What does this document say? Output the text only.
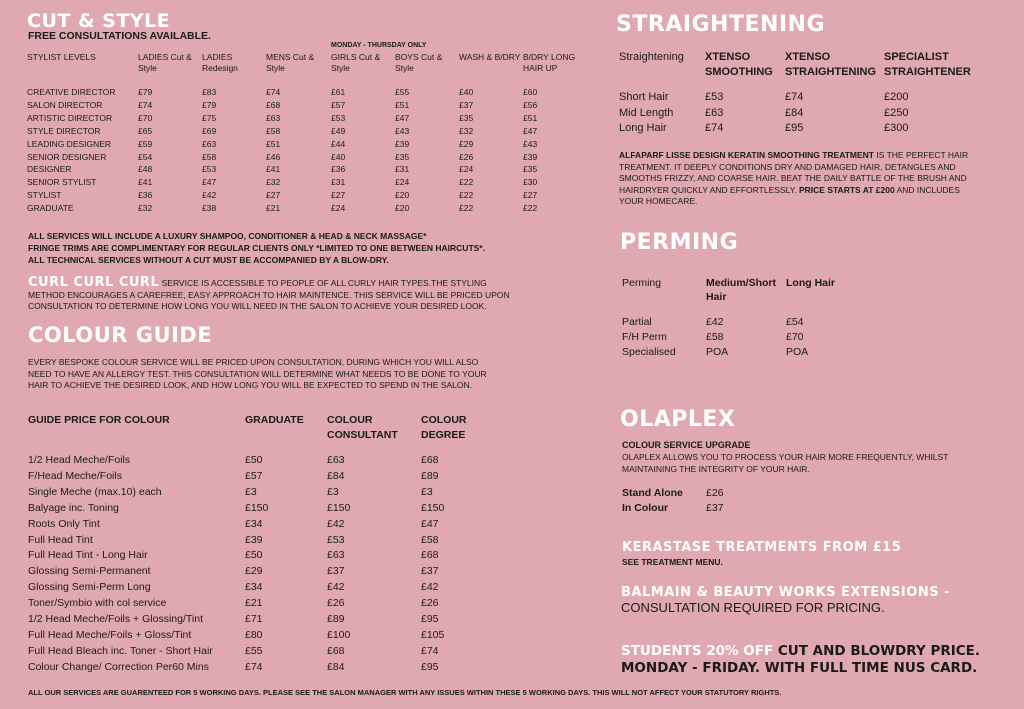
CUT & STYLE
FREE CONSULTATIONS AVAILABLE.
MONDAY - THURSDAY ONLY
STYLIST LEVELS	LADIES Cut & Style	LADIES Redesign	MENS Cut & Style	GIRLS Cut & Style	BOYS Cut & Style	WASH & B/DRY	B/DRY LONG HAIR UP
CREATIVE DIRECTOR	£79	£83	£74	£61	£55	£40	£60
SALON DIRECTOR	£74	£79	£68	£57	£51	£37	£56
ARTISTIC DIRECTOR	£70	£75	£63	£53	£47	£35	£51
STYLE DIRECTOR	£65	£69	£58	£49	£43	£32	£47
LEADING DESIGNER	£59	£63	£51	£44	£39	£29	£43
SENIOR DESIGNER	£54	£58	£46	£40	£35	£26	£39
DESIGNER	£48	£53	£41	£36	£31	£24	£35
SENIOR STYLIST	£41	£47	£32	£31	£24	£22	£30
STYLIST	£36	£42	£27	£27	£20	£22	£27
GRADUATE	£32	£38	£21	£24	£20	£22	£22
ALL SERVICES WILL INCLUDE A LUXURY SHAMPOO, CONDITIONER & HEAD & NECK MASSAGE*
FRINGE TRIMS ARE COMPLIMENTARY FOR REGULAR CLIENTS ONLY *LIMITED TO ONE BETWEEN HAIRCUTS*.
ALL TECHNICAL SERVICES WITHOUT A CUT MUST BE ACCOMPANIED BY A BLOW-DRY.
CURL CURL CURL SERVICE IS ACCESSIBLE TO PEOPLE OF ALL CURLY HAIR TYPES.THE STYLING METHOD ENCOURAGES A CAREFREE, EASY APPROACH TO HAIR MAINTENCE. THIS SERVICE WILL BE PRICED UPON CONSULTATION TO DETERMINE HOW LONG YOU WILL NEED IN THE SALON TO ACHIEVE YOUR DESIRED LOOK.
COLOUR GUIDE
EVERY BESPOKE COLOUR SERVICE WILL BE PRICED UPON CONSULTATION, DURING WHICH YOU WILL ALSO NEED TO HAVE AN ALLERGY TEST. THIS CONSULTATION WILL DETERMINE WHAT NEEDS TO BE DONE TO YOUR HAIR TO ACHIEVE THE DESIRED LOOK, AND HOW LONG YOU WILL BE EXPECTED TO SPEND IN THE SALON.
GUIDE PRICE FOR COLOUR	GRADUATE	COLOUR CONSULTANT	COLOUR DEGREE
1/2 Head Meche/Foils	£50	£63	£68
F/Head Meche/Foils	£57	£84	£89
Single Meche (max.10) each	£3	£3	£3
Balyage inc. Toning	£150	£150	£150
Roots Only Tint	£34	£42	£47
Full Head Tint	£39	£53	£58
Full Head Tint - Long Hair	£50	£63	£68
Glossing Semi-Permanent	£29	£37	£37
Glossing Semi-Perm Long	£34	£42	£42
Toner/Symbio with col service	£21	£26	£26
1/2 Head Meche/Foils + Glossing/Tint	£71	£89	£95
Full Head Meche/Foils + Gloss/Tint	£80	£100	£105
Full Head Bleach inc. Toner - Short Hair	£55	£68	£74
Colour Change/ Correction Per60 Mins	£74	£84	£95
ALL OUR SERVICES ARE GUARENTEED FOR 5 WORKING DAYS. PLEASE SEE THE SALON MANAGER WITH ANY ISSUES WITHIN THESE 5 WORKING DAYS. THIS WILL NOT AFFECT YOUR STATUTORY RIGHTS.
STRAIGHTENING
Straightening	XTENSO SMOOTHING	XTENSO STRAIGHTENING	SPECIALIST STRAIGHTENER
Short Hair	£53	£74	£200
Mid Length	£63	£84	£250
Long Hair	£74	£95	£300
ALFAPARF LISSE DESIGN KERATIN SMOOTHING TREATMENT IS THE PERFECT HAIR TREATMENT. IT DEEPLY CONDITIONS DRY AND DAMAGED HAIR, DETANGLES AND SMOOTHS FRIZZY, AND COARSE HAIR. BEAT THE DAILY BATTLE OF THE BRUSH AND HAIRDRYER QUICKLY AND EFFORTLESSLY. PRICE STARTS AT £200 AND INCLUDES YOUR HOMECARE.
PERMING
Perming	Medium/Short Hair	Long Hair
Partial	£42	£54
F/H Perm	£58	£70
Specialised	POA	POA
OLAPLEX
COLOUR SERVICE UPGRADE
OLAPLEX ALLOWS YOU TO PROCESS YOUR HAIR MORE FREQUENTLY, WHILST MAINTAINING THE INTEGRITY OF YOUR HAIR.
Stand Alone	£26
In Colour	£37
KERASTASE TREATMENTS FROM £15
SEE TREATMENT MENU.
BALMAIN & BEAUTY WORKS EXTENSIONS -
CONSULTATION REQUIRED FOR PRICING.
STUDENTS 20% OFF CUT AND BLOWDRY PRICE.
MONDAY - FRIDAY. WITH FULL TIME NUS CARD.
